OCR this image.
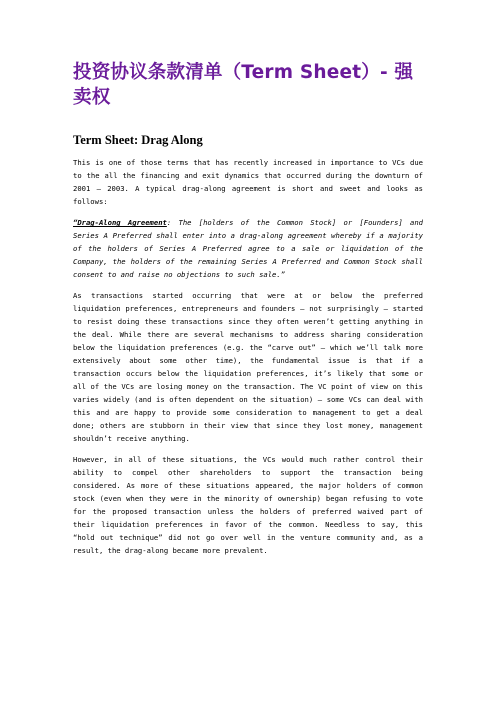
投资协议条款清单（Term Sheet）- 强卖权
Term Sheet: Drag Along

This is one of those terms that has recently increased in importance to VCs due to the all the financing and exit dynamics that occurred during the downturn of 2001 – 2003. A typical drag-along agreement is short and sweet and looks as follows:

“Drag-Along Agreement: The [holders of the Common Stock] or [Founders] and Series A Preferred shall enter into a drag-along agreement whereby if a majority of the holders of Series A Preferred agree to a sale or liquidation of the Company, the holders of the remaining Series A Preferred and Common Stock shall consent to and raise no objections to such sale.”

As transactions started occurring that were at or below the preferred liquidation preferences, entrepreneurs and founders – not surprisingly – started to resist doing these transactions since they often weren’t getting anything in the deal. While there are several mechanisms to address sharing consideration below the liquidation preferences (e.g. the “carve out” – which we’ll talk more extensively about some other time), the fundamental issue is that if a transaction occurs below the liquidation preferences, it’s likely that some or all of the VCs are losing money on the transaction. The VC point of view on this varies widely (and is often dependent on the situation) – some VCs can deal with this and are happy to provide some consideration to management to get a deal done; others are stubborn in their view that since they lost money, management shouldn’t receive anything.

However, in all of these situations, the VCs would much rather control their ability to compel other shareholders to support the transaction being considered. As more of these situations appeared, the major holders of common stock (even when they were in the minority of ownership) began refusing to vote for the proposed transaction unless the holders of preferred waived part of their liquidation preferences in favor of the common. Needless to say, this “hold out technique” did not go over well in the venture community and, as a result, the drag-along became more prevalent.
